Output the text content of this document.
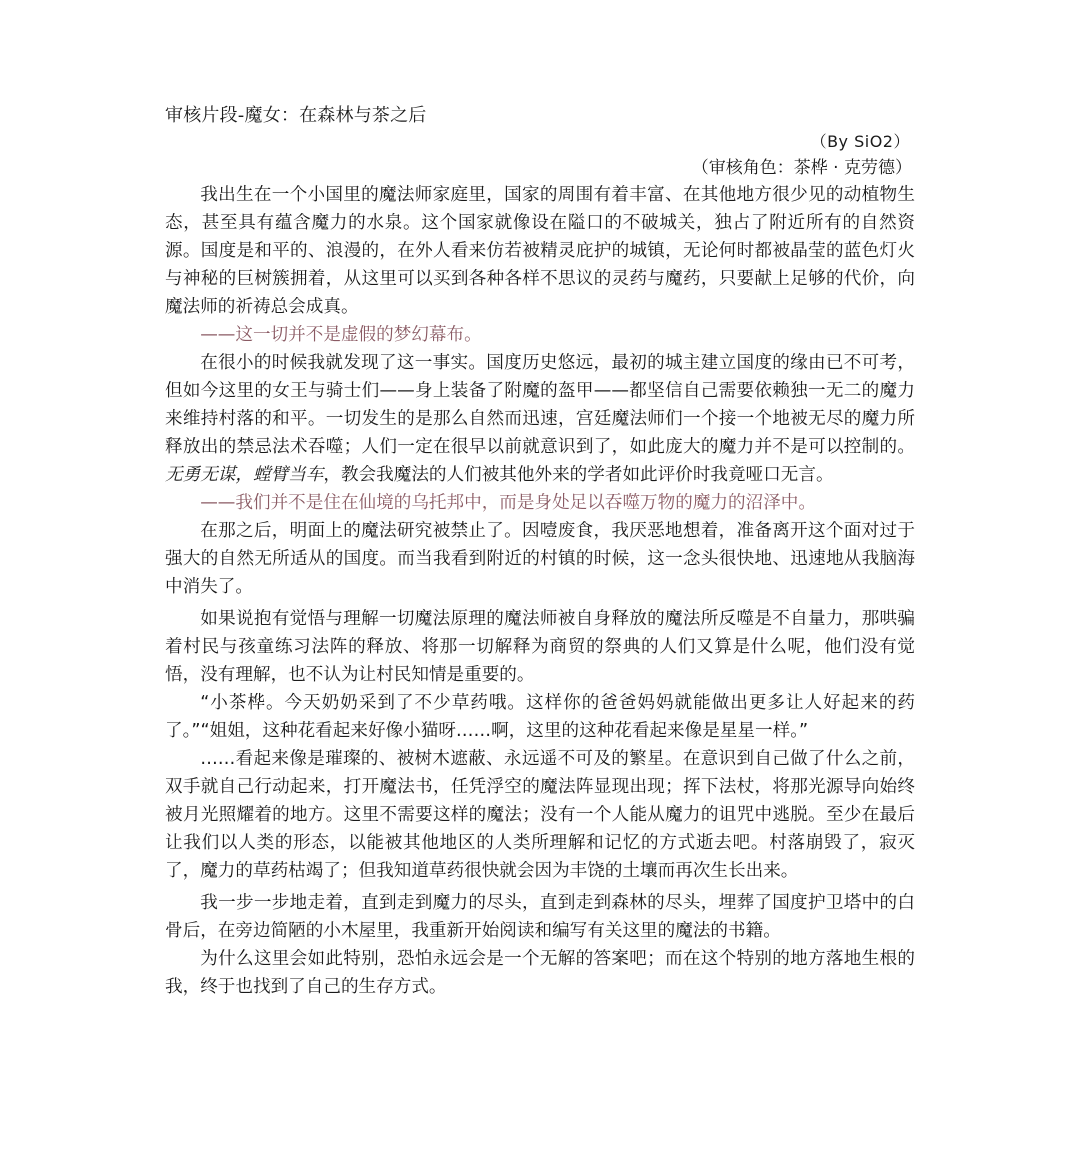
审核片段-魔女：在森林与茶之后

（By SiO2）

（审核角色：茶桦 · 克劳德）

我出生在一个小国里的魔法师家庭里，国家的周围有着丰富、在其他地方很少见的动植物生态，甚至具有蕴含魔力的水泉。这个国家就像设在隘口的不破城关，独占了附近所有的自然资源。国度是和平的、浪漫的，在外人看来仿若被精灵庇护的城镇，无论何时都被晶莹的蓝色灯火与神秘的巨树簇拥着，从这里可以买到各种各样不思议的灵药与魔药，只要献上足够的代价，向魔法师的祈祷总会成真。

——这一切并不是虚假的梦幻幕布。

在很小的时候我就发现了这一事实。国度历史悠远，最初的城主建立国度的缘由已不可考，但如今这里的女王与骑士们——身上装备了附魔的盔甲——都坚信自己需要依赖独一无二的魔力来维持村落的和平。一切发生的是那么自然而迅速，宫廷魔法师们一个接一个地被无尽的魔力所释放出的禁忌法术吞噬；人们一定在很早以前就意识到了，如此庞大的魔力并不是可以控制的。无勇无谋，螳臂当车，教会我魔法的人们被其他外来的学者如此评价时我竟哑口无言。

——我们并不是住在仙境的乌托邦中，而是身处足以吞噬万物的魔力的沼泽中。

在那之后，明面上的魔法研究被禁止了。因噎废食，我厌恶地想着，准备离开这个面对过于强大的自然无所适从的国度。而当我看到附近的村镇的时候，这一念头很快地、迅速地从我脑海中消失了。

如果说抱有觉悟与理解一切魔法原理的魔法师被自身释放的魔法所反噬是不自量力，那哄骗着村民与孩童练习法阵的释放、将那一切解释为商贸的祭典的人们又算是什么呢，他们没有觉悟，没有理解，也不认为让村民知情是重要的。

“小茶桦。今天奶奶采到了不少草药哦。这样你的爸爸妈妈就能做出更多让人好起来的药了。”“姐姐，这种花看起来好像小猫呀……啊，这里的这种花看起来像是星星一样。”

……看起来像是璀璨的、被树木遮蔽、永远遥不可及的繁星。在意识到自己做了什么之前，双手就自己行动起来，打开魔法书，任凭浮空的魔法阵显现出现；挥下法杖，将那光源导向始终被月光照耀着的地方。这里不需要这样的魔法；没有一个人能从魔力的诅咒中逃脱。至少在最后让我们以人类的形态，以能被其他地区的人类所理解和记忆的方式逝去吧。村落崩毁了，寂灭了，魔力的草药枯竭了；但我知道草药很快就会因为丰饶的土壤而再次生长出来。

我一步一步地走着，直到走到魔力的尽头，直到走到森林的尽头，埋葬了国度护卫塔中的白骨后，在旁边简陋的小木屋里，我重新开始阅读和编写有关这里的魔法的书籍。

为什么这里会如此特别，恐怕永远会是一个无解的答案吧；而在这个特别的地方落地生根的我，终于也找到了自己的生存方式。
